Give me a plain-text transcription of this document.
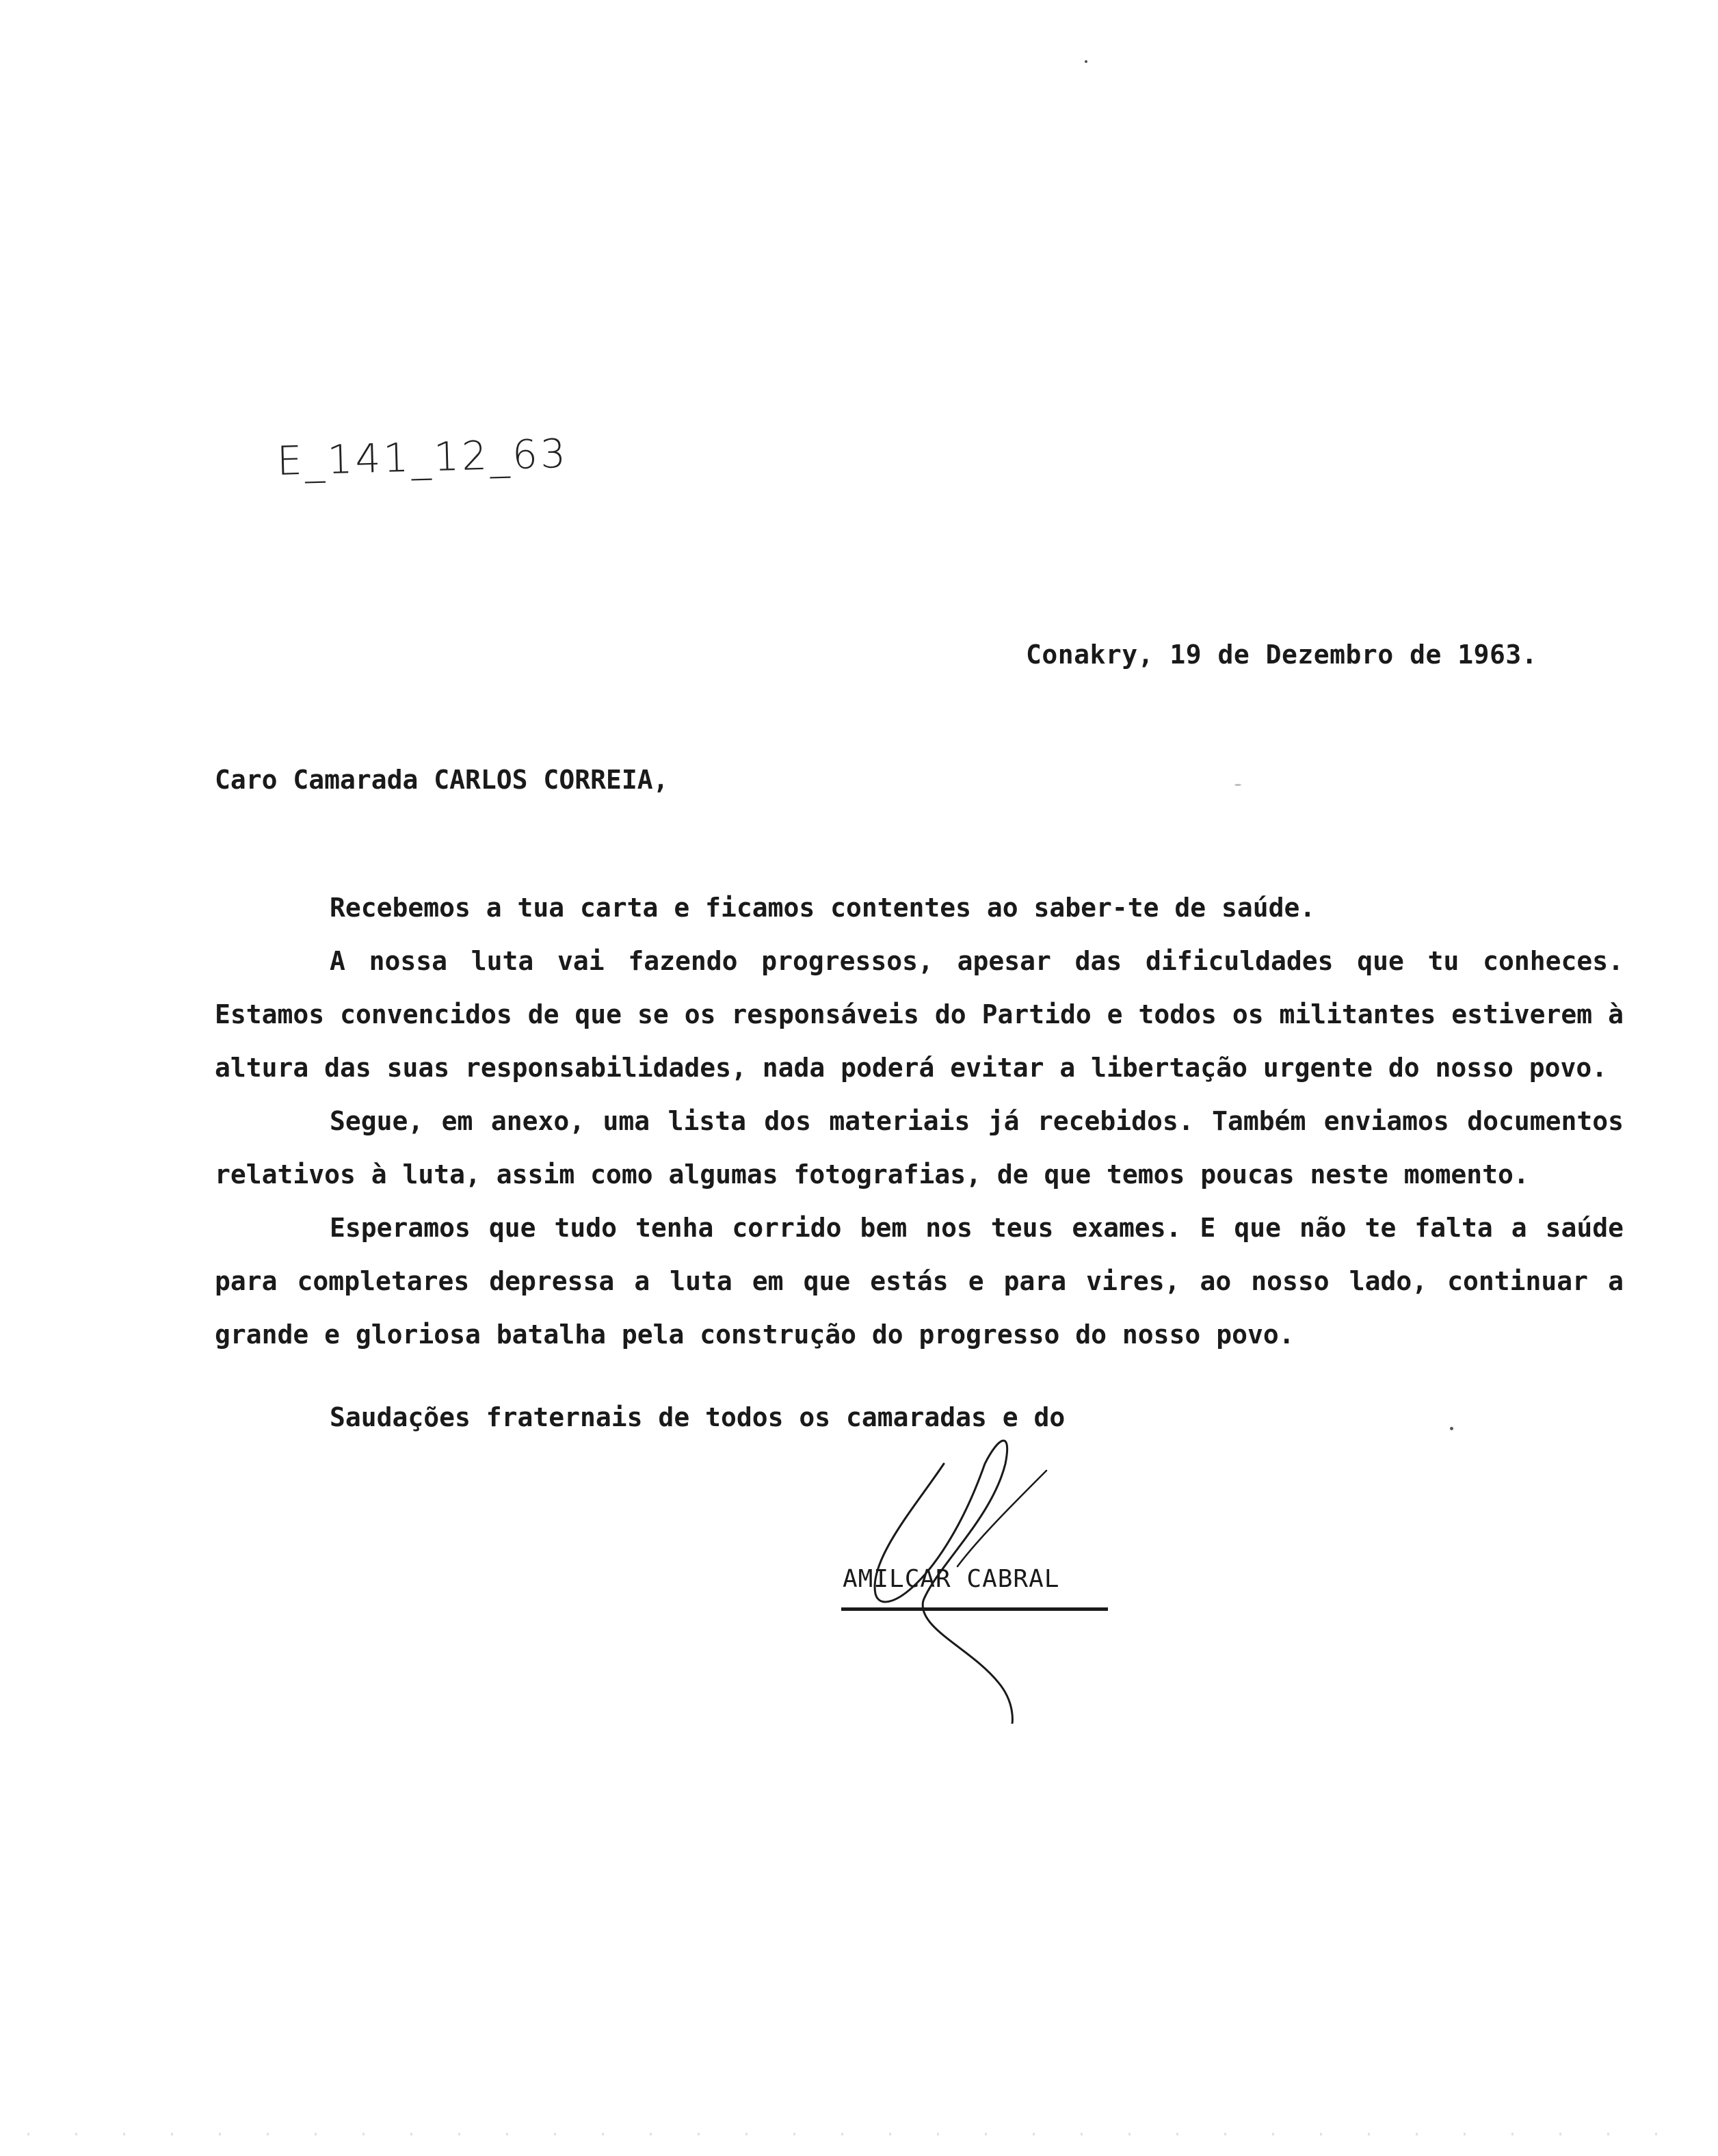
E_141_12_63
Conakry, 19 de Dezembro de 1963.
Caro Camarada CARLOS CORREIA,

Recebemos a tua carta e ficamos contentes ao saber-te de saúde.

A nossa luta vai fazendo progressos, apesar das dificuldades que tu conheces. Estamos convencidos de que se os responsáveis do Partido e todos os militantes estiverem à altura das suas responsabilidades, nada poderá evitar a libertação urgente do nosso povo.

Segue, em anexo, uma lista dos materiais já recebidos. Também enviamos documentos relativos à luta, assim como algumas fotografias, de que temos poucas neste momento.

Esperamos que tudo tenha corrido bem nos teus exames. E que não te falta a saúde para completares depressa a luta em que estás e para vires, ao nosso lado, continuar a grande e gloriosa batalha pela construção do progresso do nosso povo.

Saudações fraternais de todos os camaradas e do
AMILCAR CABRAL
